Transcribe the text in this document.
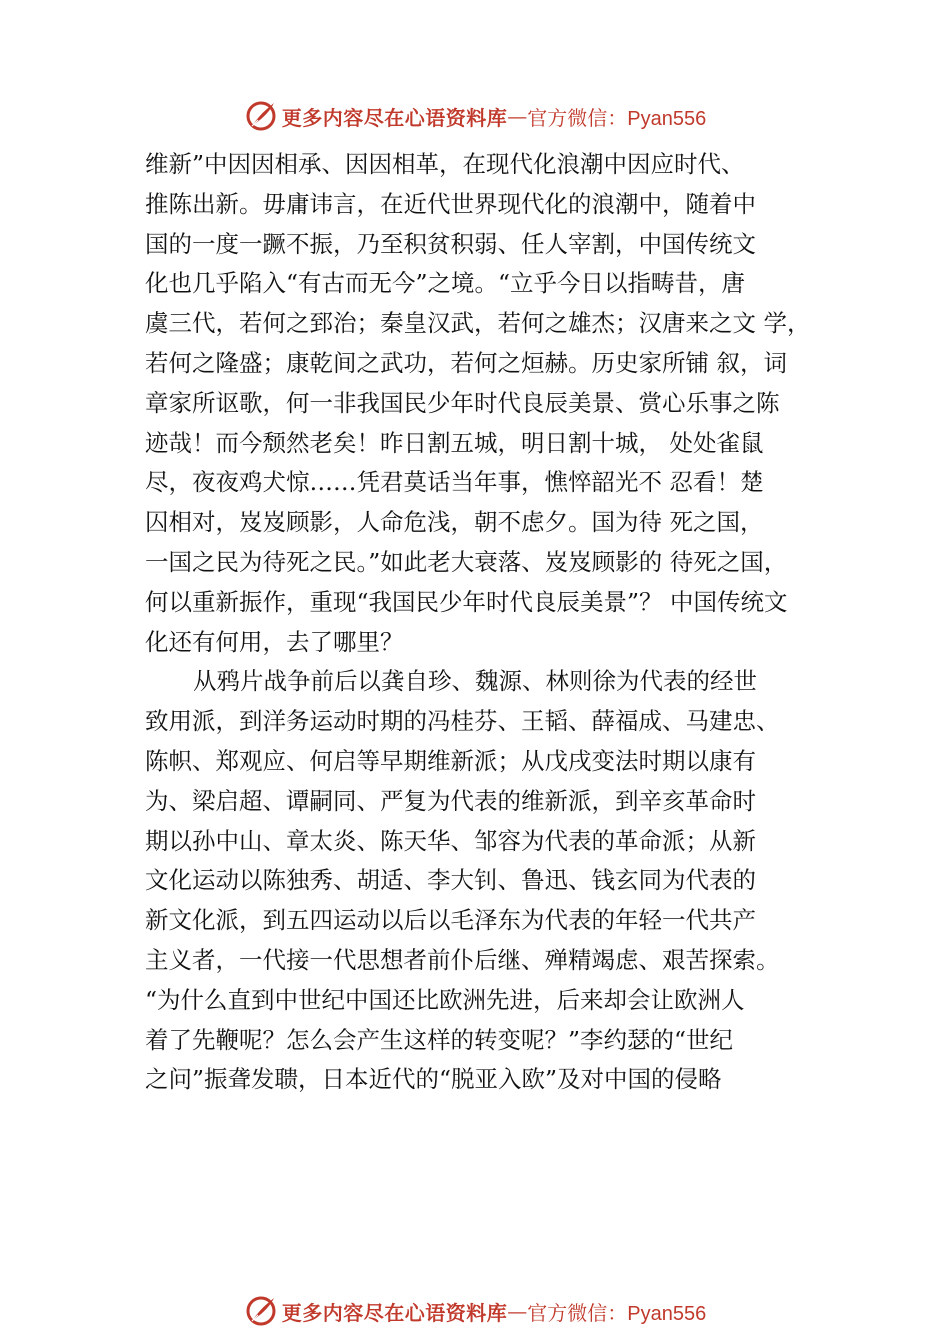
更多内容尽在心语资料库 — 官方微信：Pyan556
维新”中因因相承、因因相革，在现代化浪潮中因应时代、
推陈出新。毋庸讳言，在近代世界现代化的浪潮中，随着中
国的一度一蹶不振，乃至积贫积弱、任人宰割，中国传统文
化也几乎陷入“有古而无今”之境。“立乎今日以指畴昔，唐
虞三代，若何之郅治；秦皇汉武，若何之雄杰；汉唐来之文 学，
若何之隆盛；康乾间之武功，若何之烜赫。历史家所铺 叙，词
章家所讴歌，何一非我国民少年时代良辰美景、赏心乐事之陈
迹哉！而今颓然老矣！昨日割五城，明日割十城， 处处雀鼠
尽，夜夜鸡犬惊……凭君莫话当年事，憔悴韶光不 忍看！楚
囚相对，岌岌顾影，人命危浅，朝不虑夕。国为待 死之国，
一国之民为待死之民。”如此老大衰落、岌岌顾影的 待死之国，
何以重新振作，重现“我国民少年时代良辰美景”？ 中国传统文
化还有何用，去了哪里？
从鸦片战争前后以龚自珍、魏源、林则徐为代表的经世
致用派，到洋务运动时期的冯桂芬、王韬、薛福成、马建忠、
陈帜、郑观应、何启等早期维新派；从戊戌变法时期以康有
为、梁启超、谭嗣同、严复为代表的维新派，到辛亥革命时
期以孙中山、章太炎、陈天华、邹容为代表的革命派；从新
文化运动以陈独秀、胡适、李大钊、鲁迅、钱玄同为代表的
新文化派，到五四运动以后以毛泽东为代表的年轻一代共产
主义者，一代接一代思想者前仆后继、殚精竭虑、艰苦探索。
“为什么直到中世纪中国还比欧洲先进，后来却会让欧洲人
着了先鞭呢？怎么会产生这样的转变呢？”李约瑟的“世纪
之问”振聋发聩，日本近代的“脱亚入欧”及对中国的侵略
更多内容尽在心语资料库 — 官方微信：Pyan556
